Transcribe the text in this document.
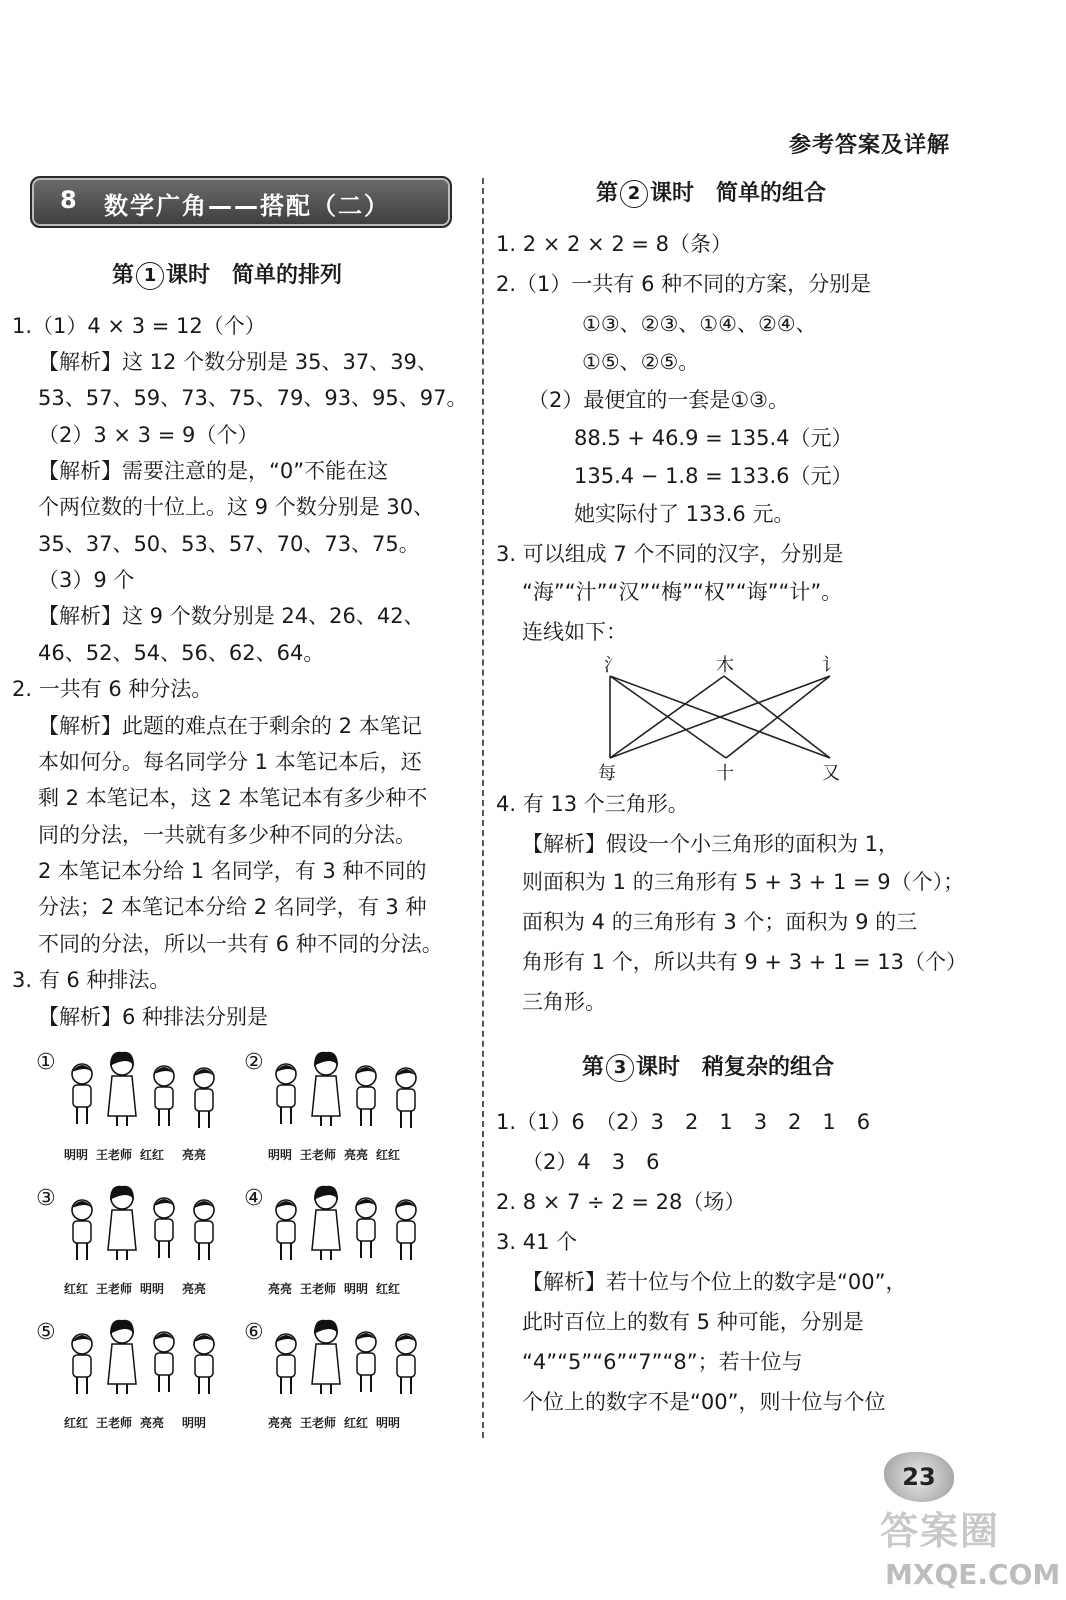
参考答案及详解
8 数学广角——搭配（二）
第 1 课时　简单的排列
1.（1）4 × 3 = 12（个）
【解析】这 12 个数分别是 35、37、39、
53、57、59、73、75、79、93、95、97。
（2）3 × 3 = 9（个）
【解析】需要注意的是，“0”不能在这
个两位数的十位上。这 9 个数分别是 30、
35、37、50、53、57、70、73、75。
（3）9 个
【解析】这 9 个数分别是 24、26、42、
46、52、54、56、62、64。
2. 一共有 6 种分法。
【解析】此题的难点在于剩余的 2 本笔记
本如何分。每名同学分 1 本笔记本后，还
剩 2 本笔记本，这 2 本笔记本有多少种不
同的分法，一共就有多少种不同的分法。
2 本笔记本分给 1 名同学，有 3 种不同的
分法；2 本笔记本分给 2 名同学，有 3 种
不同的分法，所以一共有 6 种不同的分法。
3. 有 6 种排法。
【解析】6 种排法分别是
①
明明 王老师 红红 亮亮
②
明明 王老师 亮亮 红红
③
红红 王老师 明明 亮亮
④
亮亮 王老师 明明 红红
⑤
红红 王老师 亮亮 明明
⑥
亮亮 王老师 红红 明明
第 2 课时　简单的组合
1. 2 × 2 × 2 = 8（条）
2.（1）一共有 6 种不同的方案，分别是
①③、②③、①④、②④、
①⑤、②⑤。
（2）最便宜的一套是①③。
88.5 + 46.9 = 135.4（元）
135.4 − 1.8 = 133.6（元）
她实际付了 133.6 元。
3. 可以组成 7 个不同的汉字，分别是
“海”“汁”“汉”“梅”“权”“诲”“计”。
连线如下：
氵	木	讠
每	十	又
4. 有 13 个三角形。
【解析】假设一个小三角形的面积为 1，
则面积为 1 的三角形有 5 + 3 + 1 = 9（个）；
面积为 4 的三角形有 3 个；面积为 9 的三
角形有 1 个，所以共有 9 + 3 + 1 = 13（个）
三角形。
第 3 课时　稍复杂的组合
1.（1）6　（2）3　2　1　3　2　1　6
（2）4　3　6
2. 8 × 7 ÷ 2 = 28（场）
3. 41 个
【解析】若十位与个位上的数字是“00”，
此时百位上的数有 5 种可能，分别是
“4”“5”“6”“7”“8”；若十位与
个位上的数字不是“00”，则十位与个位
23
答案圈
MXQE.COM
